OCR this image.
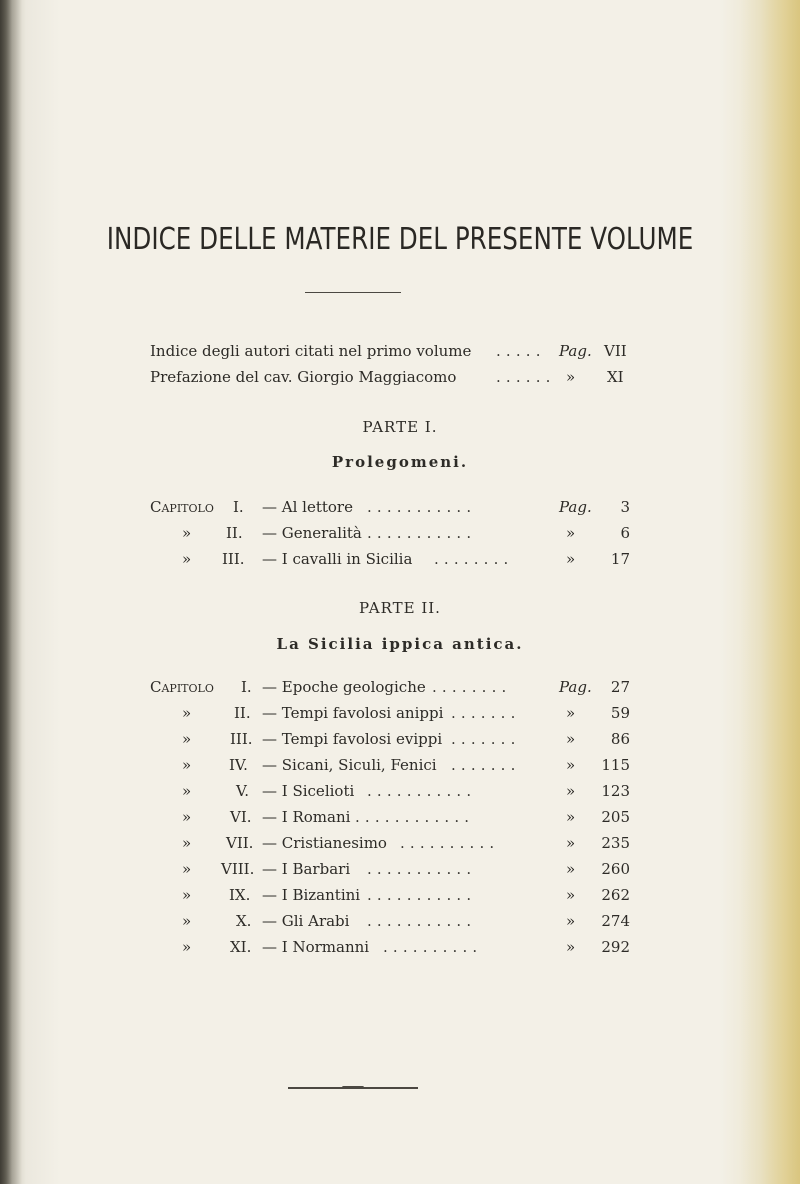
INDICE DELLE MATERIE DEL PRESENTE VOLUME
Indice degli autori citati nel primo volume . . . . . Pag. VII
Prefazione del cav. Giorgio Maggiacomo	. . . . . . » XI
PARTE I.
Prolegomeni.
Capitolo I. — Al lettore . . . . . . . . . . .	Pag.	3
» II. — Generalità . . . . . . . . . . .	»	6
» III. — I cavalli in Sicilia . . . . . . . .	»	17
PARTE II.
La Sicilia ippica antica.
Capitolo I. — Epoche geologiche . . . . . . . .	Pag.	27
»	II. — Tempi favolosi anippi . . . . . . .	»	59
»	III. — Tempi favolosi evippi . . . . . . .	»	86
»	IV. — Sicani, Siculi, Fenici . . . . . . .	»	115
»	V. — I Sicelioti . . . . . . . . . . .	»	123
»	VI. — I Romani . . . . . . . . . . . .	»	205
» VII. — Cristianesimo . . . . . . . . . .	»	235
» VIII. — I Barbari . . . . . . . . . . .	»	260
»	IX. — I Bizantini . . . . . . . . . . .	»	262
»	X. — Gli Arabi . . . . . . . . . . .	»	274
»	XI. — I Normanni . . . . . . . . . .	»	292
